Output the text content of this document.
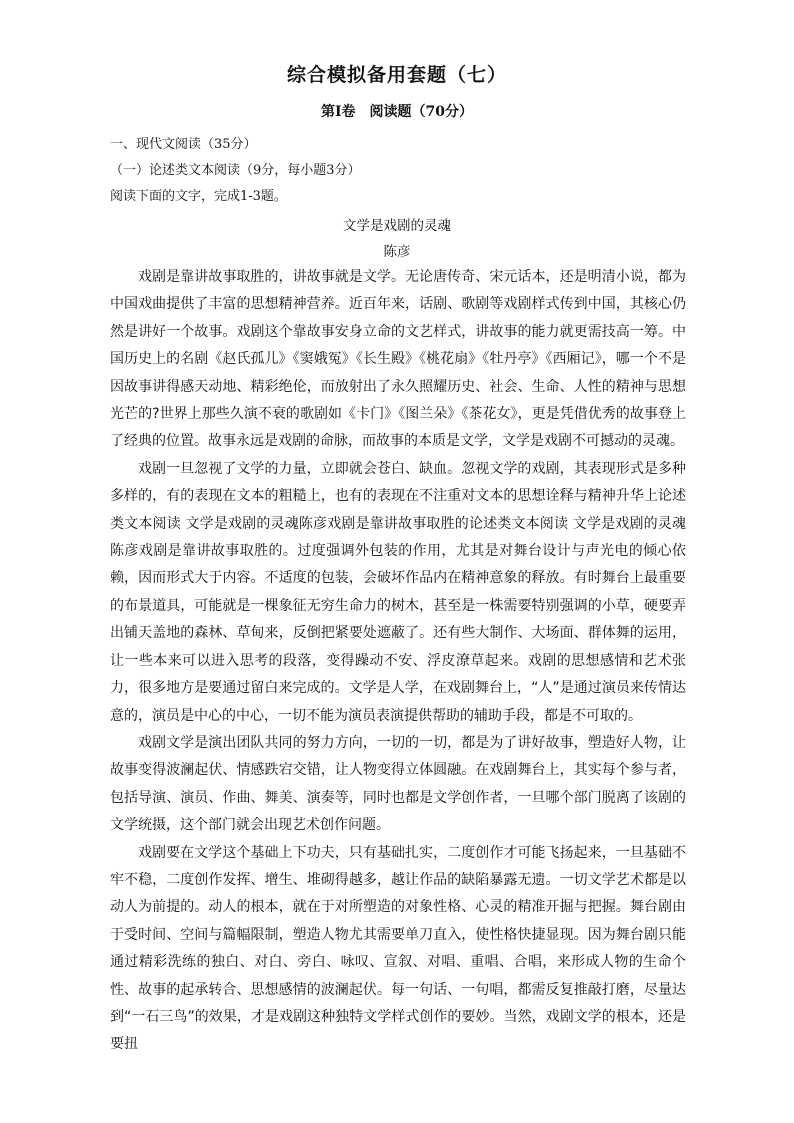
综合模拟备用套题（七）
第Ⅰ卷　阅读题（70分）
一、现代文阅读（35分）
（一）论述类文本阅读（9分，每小题3分）
阅读下面的文字，完成1-3题。
文学是戏剧的灵魂
陈彦

戏剧是靠讲故事取胜的，讲故事就是文学。无论唐传奇、宋元话本，还是明清小说，都为中国戏曲提供了丰富的思想精神营养。近百年来，话剧、歌剧等戏剧样式传到中国，其核心仍然是讲好一个故事。戏剧这个靠故事安身立命的文艺样式，讲故事的能力就更需技高一筹。中国历史上的名剧《赵氏孤儿》《窦娥冤》《长生殿》《桃花扇》《牡丹亭》《西厢记》，哪一个不是因故事讲得感天动地、精彩绝伦，而放射出了永久照耀历史、社会、生命、人性的精神与思想光芒的?世界上那些久演不衰的歌剧如《卡门》《图兰朵》《茶花女》，更是凭借优秀的故事登上了经典的位置。故事永远是戏剧的命脉，而故事的本质是文学，文学是戏剧不可撼动的灵魂。

戏剧一旦忽视了文学的力量，立即就会苍白、缺血。忽视文学的戏剧，其表现形式是多种多样的，有的表现在文本的粗糙上，也有的表现在不注重对文本的思想诠释与精神升华上论述类文本阅读 文学是戏剧的灵魂陈彦戏剧是靠讲故事取胜的论述类文本阅读 文学是戏剧的灵魂陈彦戏剧是靠讲故事取胜的。过度强调外包装的作用，尤其是对舞台设计与声光电的倾心依赖，因而形式大于内容。不适度的包装，会破坏作品内在精神意象的释放。有时舞台上最重要的布景道具，可能就是一棵象征无穷生命力的树木，甚至是一株需要特别强调的小草，硬要弄出铺天盖地的森林、草甸来，反倒把紧要处遮蔽了。还有些大制作、大场面、群体舞的运用，让一些本来可以进入思考的段落，变得躁动不安、浮皮潦草起来。戏剧的思想感情和艺术张力，很多地方是要通过留白来完成的。文学是人学，在戏剧舞台上，“人”是通过演员来传情达意的，演员是中心的中心，一切不能为演员表演提供帮助的辅助手段，都是不可取的。

戏剧文学是演出团队共同的努力方向，一切的一切，都是为了讲好故事，塑造好人物，让故事变得波澜起伏、情感跌宕交错，让人物变得立体圆融。在戏剧舞台上，其实每个参与者，包括导演、演员、作曲、舞美、演奏等，同时也都是文学创作者，一旦哪个部门脱离了该剧的文学统摄，这个部门就会出现艺术创作问题。

戏剧要在文学这个基础上下功夫，只有基础扎实，二度创作才可能飞扬起来，一旦基础不牢不稳，二度创作发挥、增生、堆砌得越多，越让作品的缺陷暴露无遗。一切文学艺术都是以动人为前提的。动人的根本，就在于对所塑造的对象性格、心灵的精准开掘与把握。舞台剧由于受时间、空间与篇幅限制，塑造人物尤其需要单刀直入，使性格快捷显现。因为舞台剧只能通过精彩洗练的独白、对白、旁白、咏叹、宣叙、对唱、重唱、合唱，来形成人物的生命个性、故事的起承转合、思想感情的波澜起伏。每一句话、一句唱，都需反复推敲打磨，尽量达到“一石三鸟”的效果，才是戏剧这种独特文学样式创作的要妙。当然，戏剧文学的根本，还是要扭
